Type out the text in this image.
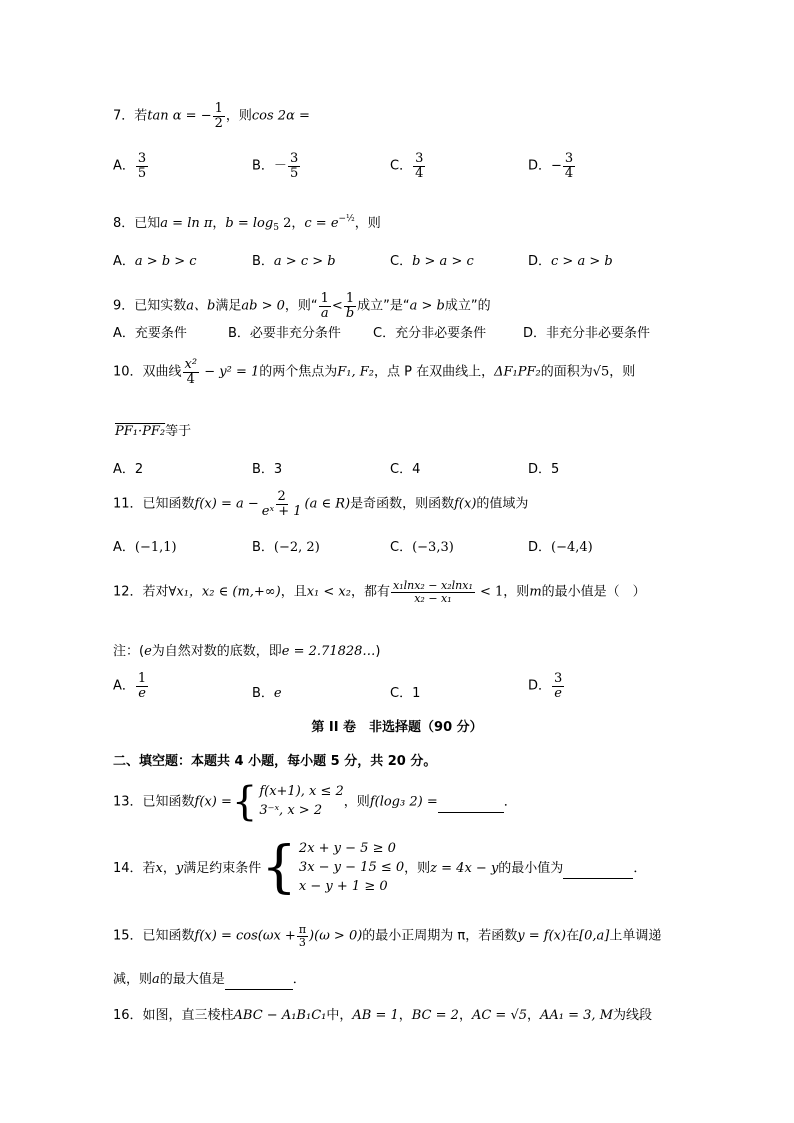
7．若tan α = − $\frac{1}{2}$ ，则cos 2α =
A． $\frac{3}{5}$	B．－ $\frac{3}{5}$	C． $\frac{3}{4}$	D．− $\frac{3}{4}$
8．已知a = ln π，$b = \log_5 2$，$c = e^{-\frac{1}{2}}$，则
A．a > b > c	B．a > c > b	C．b > a > c	D．c > a > b
9．已知实数a、b满足ab > 0，则“ $\frac{1}{a} < \frac{1}{b}$ 成立”是“a > b成立”的
A．充要条件	B．必要非充分条件 C．充分非必要条件	D．非充分非必要条件
10．双曲线 $\frac{\text{x²}}{4} - y^2 = 1$的两个焦点为F₁, F₂，点 P 在双曲线上，ΔF₁PF₂的面积为√5，则
PF₁·PF₂等于
A．2	B．3	C．4	D．5
11．已知函数$f(x) = a - \frac{2}{\text{eˣ + 1}} (a$ ∈ R)是奇函数，则函数f(x)的值域为
A．(−1,1)	B．(−2, 2)	C．(−3,3)	D．(−4,4)
12．若对∀x₁，x₂ ∈ (m,+∞)，且x₁ < x₂，都有 $\frac{\text{x₁lnx₂ − x₂lnx₁}}{\text{x₂ − x₁}} < 1$，则m的最小值是（　）
注：(e为自然对数的底数，即e = 2.71828…)
A． $\frac{1}{e}$	B．e	C．1	D． $\frac{3}{e}$
第 II 卷　非选择题（90 分）
二、填空题：本题共 4 小题，每小题 5 分，共 20 分。
13．已知函数f(x) = { f(x+1), x ≤ 2
3⁻ˣ, x > 2
，则f(log₃ 2) =	．
14．若x，y满足约束条件 { 2x + y − 5 ≥ 0
3x − y − 15 ≤ 0
x − y + 1 ≥ 0
，则z = 4x − y的最小值为	．
15．已知函数$f(x) = \cos(\omega x + \frac{\pi}{3} )(\omega > 0)$的最小正周期为 π，若函数y = f(x)在[0,a]上单调递
减，则a的最大值是	．
16．如图，直三棱柱ABC − A₁B₁C₁中，AB = 1，BC = 2，AC = √5，AA₁ = 3, M为线段
